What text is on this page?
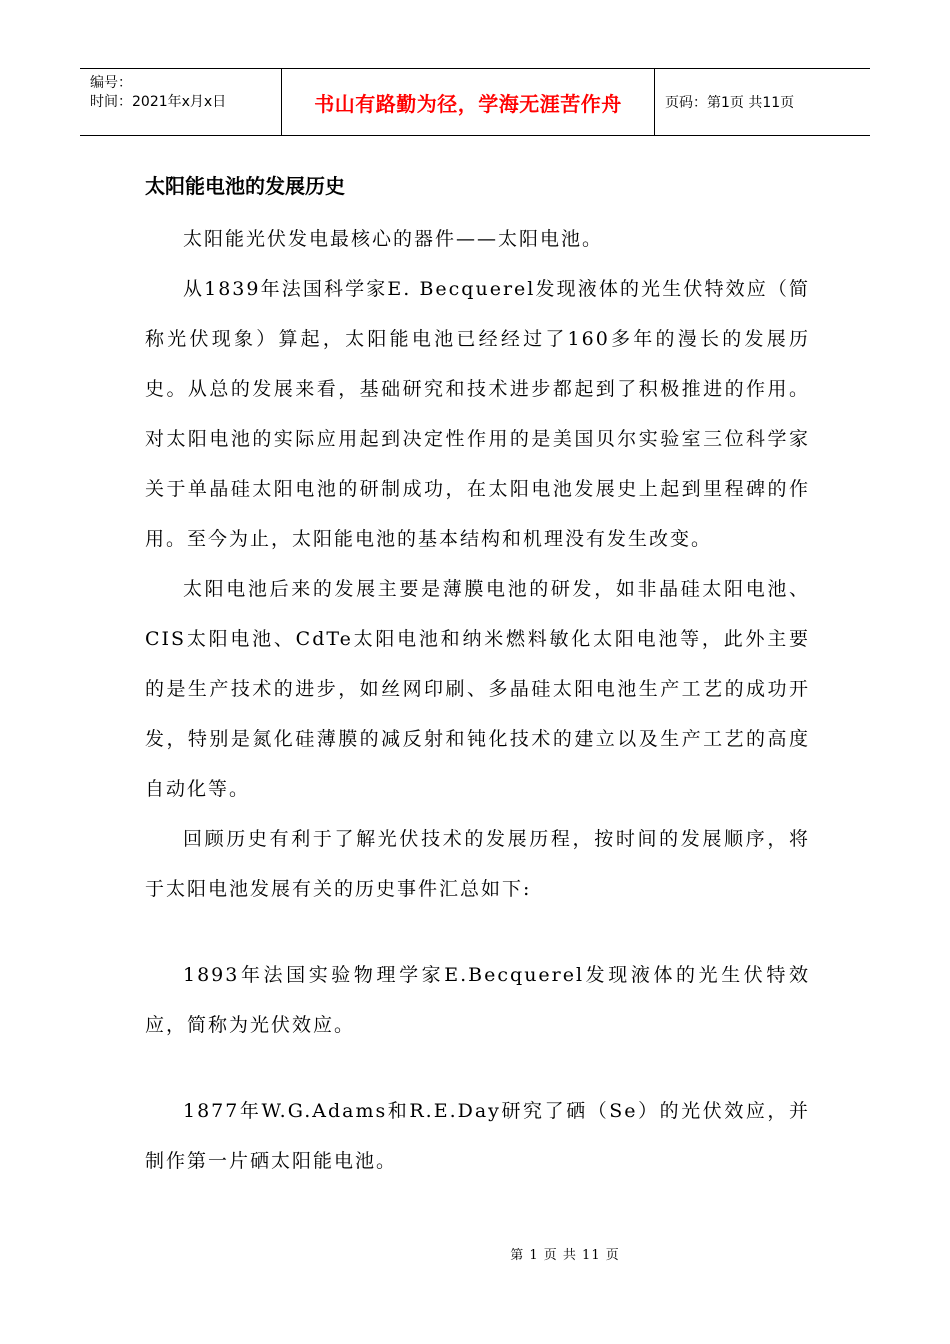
编号：
时间：2021年x月x日	书山有路勤为径，学海无涯苦作舟	页码：第1页 共11页
太阳能电池的发展历史

太阳能光伏发电最核心的器件——太阳电池。

从1839年法国科学家E. Becquerel发现液体的光生伏特效应（简称光伏现象）算起，太阳能电池已经经过了160多年的漫长的发展历史。从总的发展来看，基础研究和技术进步都起到了积极推进的作用。对太阳电池的实际应用起到决定性作用的是美国贝尔实验室三位科学家关于单晶硅太阳电池的研制成功，在太阳电池发展史上起到里程碑的作用。至今为止，太阳能电池的基本结构和机理没有发生改变。

太阳电池后来的发展主要是薄膜电池的研发，如非晶硅太阳电池、CIS太阳电池、CdTe太阳电池和纳米燃料敏化太阳电池等，此外主要的是生产技术的进步，如丝网印刷、多晶硅太阳电池生产工艺的成功开发，特别是氮化硅薄膜的减反射和钝化技术的建立以及生产工艺的高度自动化等。

回顾历史有利于了解光伏技术的发展历程，按时间的发展顺序，将于太阳电池发展有关的历史事件汇总如下:

1893年法国实验物理学家E.Becquerel发现液体的光生伏特效应，简称为光伏效应。

1877年W.G.Adams和R.E.Day研究了硒（Se）的光伏效应，并制作第一片硒太阳能电池。

第 1 页 共 11 页
